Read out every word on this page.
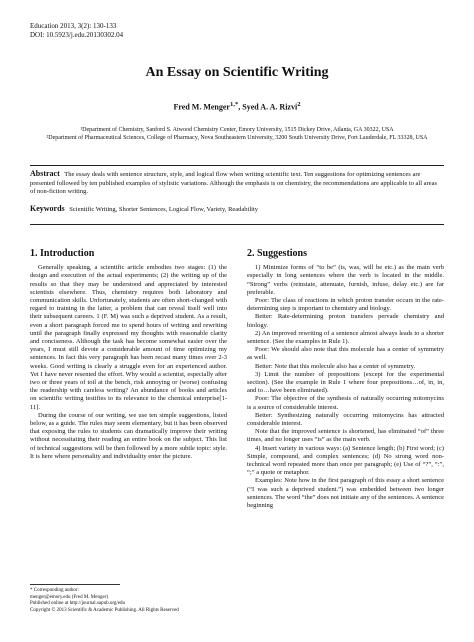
Education 2013, 3(2): 130-133
DOI: 10.5923/j.edu.20130302.04
An Essay on Scientific Writing
Fred M. Menger$^{1,*}$, Syed A. A. Rizvi$^2$
¹Department of Chemistry, Sanford S. Atwood Chemistry Center, Emory University, 1515 Dickey Drive, Atlanta, GA 30322, USA
²Department of Pharmaceutical Sciences, College of Pharmacy, Nova Southeastern University, 3200 South University Drive, Fort Lauderdale, FL 33328, USA
Abstract The essay deals with sentence structure, style, and logical flow when writing scientific text. Ten suggestions for optimizing sentences are presented followed by ten published examples of stylistic variations. Although the emphasis is on chemistry, the recommendations are applicable to all areas of non-fiction writing.
Keywords Scientific Writing, Shorter Sentences, Logical Flow, Variety, Readability
1. Introduction

Generally speaking, a scientific article embodies two stages: (1) the design and execution of the actual experiments; (2) the writing up of the results so that they may be understood and appreciated by interested scientists elsewhere. Thus, chemistry requires both laboratory and communication skills. Unfortunately, students are often short-changed with regard to training in the latter, a problem that can reveal itself well into their subsequent careers. 1 (F. M) was such a deprived student. As a result, even a short paragraph forced me to spend hours of writing and rewriting until the paragraph finally expressed my thoughts with reasonable clarity and conciseness. Although the task has become somewhat easier over the years, I must still devote a considerable amount of time optimizing my sentences. In fact this very paragraph has been recast many times over 2-3 weeks. Good writing is clearly a struggle even for an experienced author. Yet I have never resented the effort. Why would a scientist, especially after two or three years of toil at the bench, risk annoying or (worse) confusing the readership with careless writing? An abundance of books and articles on scientific writing testifies to its relevance to the chemical enterprise[1-11].

During the course of our writing, we use ten simple suggestions, listed below, as a guide. The rules may seem elementary, but it has been observed that exposing the rules to students can dramatically improve their writing without necessitating their reading an entire book on the subject. This list of technical suggestions will be then followed by a more subtle topic: style. It is here where personality and individuality enter the picture.

2. Suggestions

1) Minimize forms of “to be” (is, was, will be etc.) as the main verb especially in long sentences where the verb is located in the middle. “Strong” verbs (reinstate, attenuate, furnish, infuse, delay etc.) are far preferable.

Poor: The class of reactions in which proton transfer occurs in the rate-determining step is important to chemistry and biology.

Better: Rate-determining proton transfers pervade chemistry and biology.

2) An improved rewriting of a sentence almost always leads to a shorter sentence. (See the examples in Rule 1).

Poor: We should also note that this molecule has a center of symmetry as well.

Better: Note that this molecule also has a center of symmetry.

3) Limit the number of prepositions (except for the experimental section). (See the example in Rule 1 where four prepositions…of, in, in, and to…have been eliminated).

Poor: The objective of the synthesis of naturally occurring mitomycins is a source of considerable interest.

Better: Synthesizing naturally occurring mitomycins has attracted considerable interest.

Note that the improved sentence is shortened, has eliminated “of” three times, and no longer uses “is” as the main verb.

4) Insert variety in various ways: (a) Sentence length; (b) First word; (c) Simple, compound, and complex sentences; (d) No strong word non-technical word repeated more than once per paragraph; (e) Use of “?”, “:”, “;” a quote or metaphor.

Examples: Note how in the first paragraph of this essay a short sentence (“I was such a deprived student.”) was embedded between two longer sentences. The word “the” does not initiate any of the sentences. A sentence beginning

* Corresponding author:
menger@emory.edu (Fred M. Menger)
Published online at http://journal.sapub.org/edu
Copyright © 2013 Scientific & Academic Publishing. All Rights Reserved
